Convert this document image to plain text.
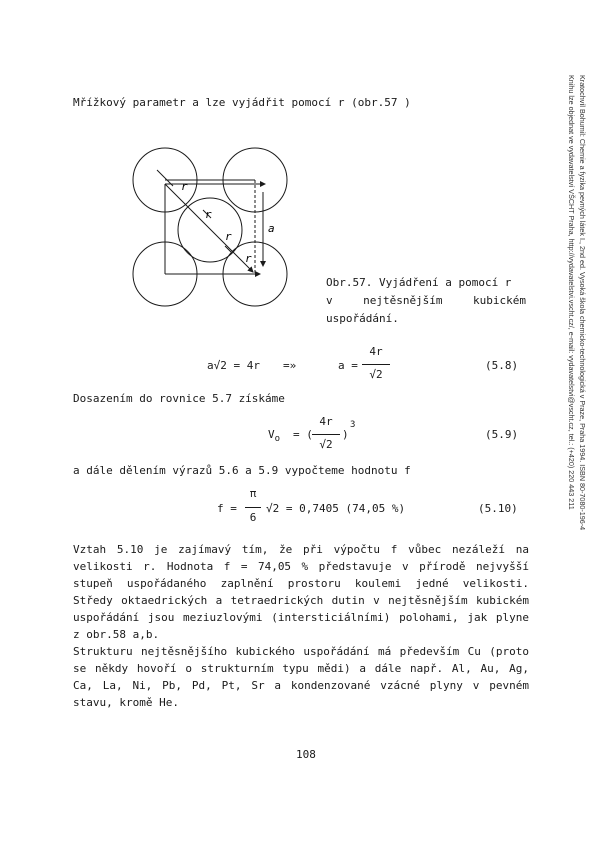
Kratochvíl Bohumil: Chemie a fyzika pevných látek I., 2nd ed. Vysoká škola chemicko-technologická v Praze, Praha 1994. ISBN 80-7080-196-4
Knihu lze objednat ve vydavatelství VŠCHT Praha, http://vydavatelstvi.vscht.cz/, e-mail: vydavatelstvi@vscht.cz, tel.: (+420) 220 443 211
Mřížkový parametr a lze vyjádřit pomocí r (obr.57 )
r
r
r
r
a
Obr.57. Vyjádření a pomocí r
v nejtěsnějším kubickém
uspořádání.
a√2 = 4r =»	a =
4r
√2
(5.8)
Dosazením do rovnice 5.7 získáme
$V_o$ = (
4r
√2
)
3
(5.9)
a dále dělením výrazů 5.6 a 5.9 vypočteme hodnotu f
f =
π
6
√2 = 0,7405 (74,05 %)	(5.10)
Vztah 5.10 je zajímavý tím, že při výpočtu f vůbec nezáleží na velikosti r. Hodnota f = 74,05 % představuje v přírodě nejvyšší stupeň uspořádaného zaplnění prostoru koulemi jedné velikosti. Středy oktaedrických a tetraedrických dutin v nejtěsnějším kubickém uspořádání jsou meziuzlovými (intersticiálními) polohami, jak plyne z obr.58 a,b.
Strukturu nejtěsnějšího kubického uspořádání má především Cu (proto se někdy hovoří o strukturním typu mědi) a dále např. Al, Au, Ag, Ca, La, Ni, Pb, Pd, Pt, Sr a kondenzované vzácné plyny v pevném stavu, kromě He.
108
